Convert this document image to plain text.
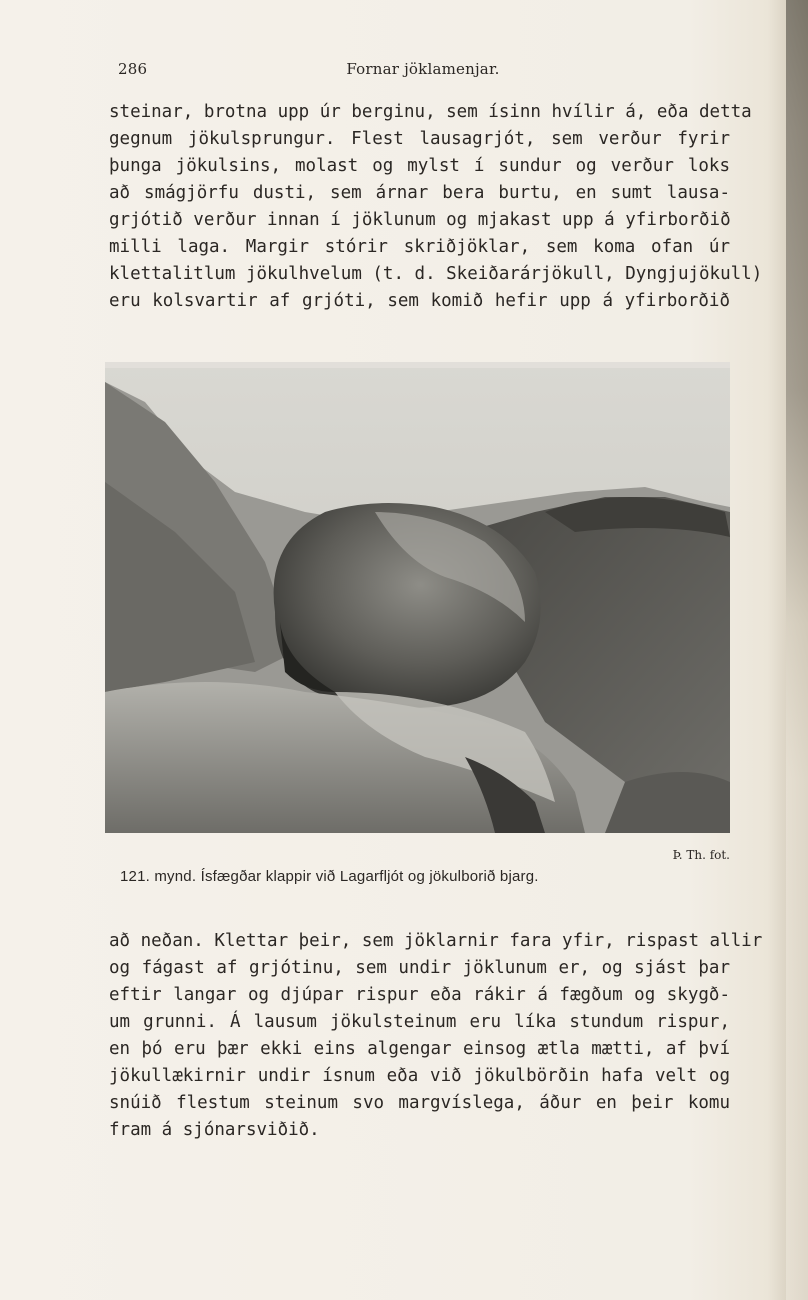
286	Fornar jöklamenjar.
steinar, brotna upp úr berginu, sem ísinn hvílir á, eða detta
gegnum jökulsprungur. Flest lausagrjót, sem verður fyrir
þunga jökulsins, molast og mylst í sundur og verður loks
að smágjörfu dusti, sem árnar bera burtu, en sumt lausa-
grjótið verður innan í jöklunum og mjakast upp á yfirborðið
milli laga. Margir stórir skriðjöklar, sem koma ofan úr
klettalitlum jökulhvelum (t. d. Skeiðarárjökull, Dyngjujökull)
eru kolsvartir af grjóti, sem komið hefir upp á yfirborðið
Þ. Th. fot.
121. mynd. Ísfægðar klappir við Lagarfljót og jökulborið bjarg.
að neðan. Klettar þeir, sem jöklarnir fara yfir, rispast allir
og fágast af grjótinu, sem undir jöklunum er, og sjást þar
eftir langar og djúpar rispur eða rákir á fægðum og skygð-
um grunni. Á lausum jökulsteinum eru líka stundum rispur,
en þó eru þær ekki eins algengar einsog ætla mætti, af því
jökullækirnir undir ísnum eða við jökulbörðin hafa velt og
snúið flestum steinum svo margvíslega, áður en þeir komu
fram á sjónarsviðið.
